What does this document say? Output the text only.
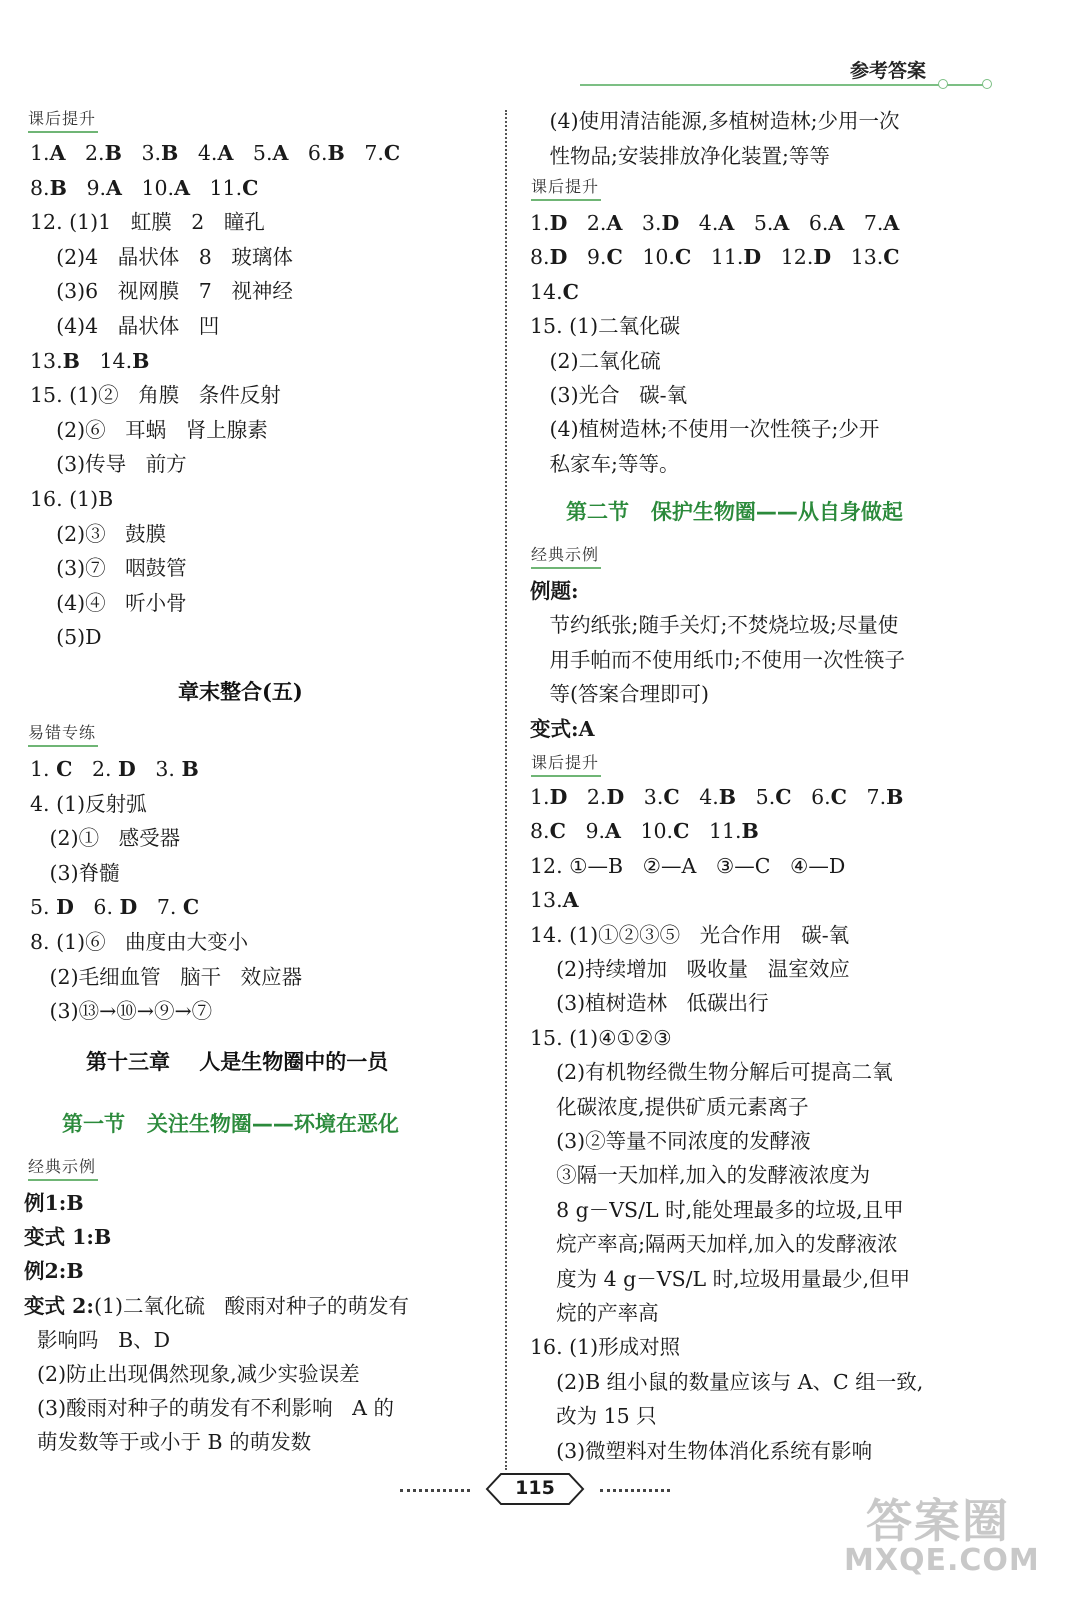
参考答案
课后提升
1.A   2.B   3.B   4.A   5.A   6.B   7.C
8.B   9.A   10.A   11.C
12. (1)1   虹膜   2   瞳孔
(2)4   晶状体   8   玻璃体
(3)6   视网膜   7   视神经
(4)4   晶状体   凹
13.B   14.B
15. (1)②   角膜   条件反射
(2)⑥   耳蜗   肾上腺素
(3)传导   前方
16. (1)B
(2)③   鼓膜
(3)⑦   咽鼓管
(4)④   听小骨
(5)D
章末整合(五)
易错专练
1. C   2. D   3. B
4. (1)反射弧
(2)①   感受器
(3)脊髓
5. D   6. D   7. C
8. (1)⑥   曲度由大变小
(2)毛细血管   脑干   效应器
(3)⑬→⑩→⑨→⑦
第十三章    人是生物圈中的一员
第一节   关注生物圈——环境在恶化
经典示例
例1:B
变式 1:B
例2:B
变式 2:(1)二氧化硫   酸雨对种子的萌发有
影响吗   B、D
(2)防止出现偶然现象,减少实验误差
(3)酸雨对种子的萌发有不利影响   A 的
萌发数等于或小于 B 的萌发数
(4)使用清洁能源,多植树造林;少用一次
性物品;安装排放净化装置;等等
课后提升
1.D   2.A   3.D   4.A   5.A   6.A   7.A
8.D   9.C   10.C   11.D   12.D   13.C
14.C
15. (1)二氧化碳
(2)二氧化硫
(3)光合   碳-氧
(4)植树造林;不使用一次性筷子;少开
私家车;等等。
第二节   保护生物圈——从自身做起
经典示例
例题:
节约纸张;随手关灯;不焚烧垃圾;尽量使
用手帕而不使用纸巾;不使用一次性筷子
等(答案合理即可)
变式:A
课后提升
1.D   2.D   3.C   4.B   5.C   6.C   7.B
8.C   9.A   10.C   11.B
12. ①—B   ②—A   ③—C   ④—D
13.A
14. (1)①②③⑤   光合作用   碳-氧
(2)持续增加   吸收量   温室效应
(3)植树造林   低碳出行
15. (1)④①②③
(2)有机物经微生物分解后可提高二氧
化碳浓度,提供矿质元素离子
(3)②等量不同浓度的发酵液
③隔一天加样,加入的发酵液浓度为
8 g－VS/L 时,能处理最多的垃圾,且甲
烷产率高;隔两天加样,加入的发酵液浓
度为 4 g－VS/L 时,垃圾用量最少,但甲
烷的产率高
16. (1)形成对照
(2)B 组小鼠的数量应该与 A、C 组一致,
改为 15 只
(3)微塑料对生物体消化系统有影响
115
答案圈
MXQE.COM
